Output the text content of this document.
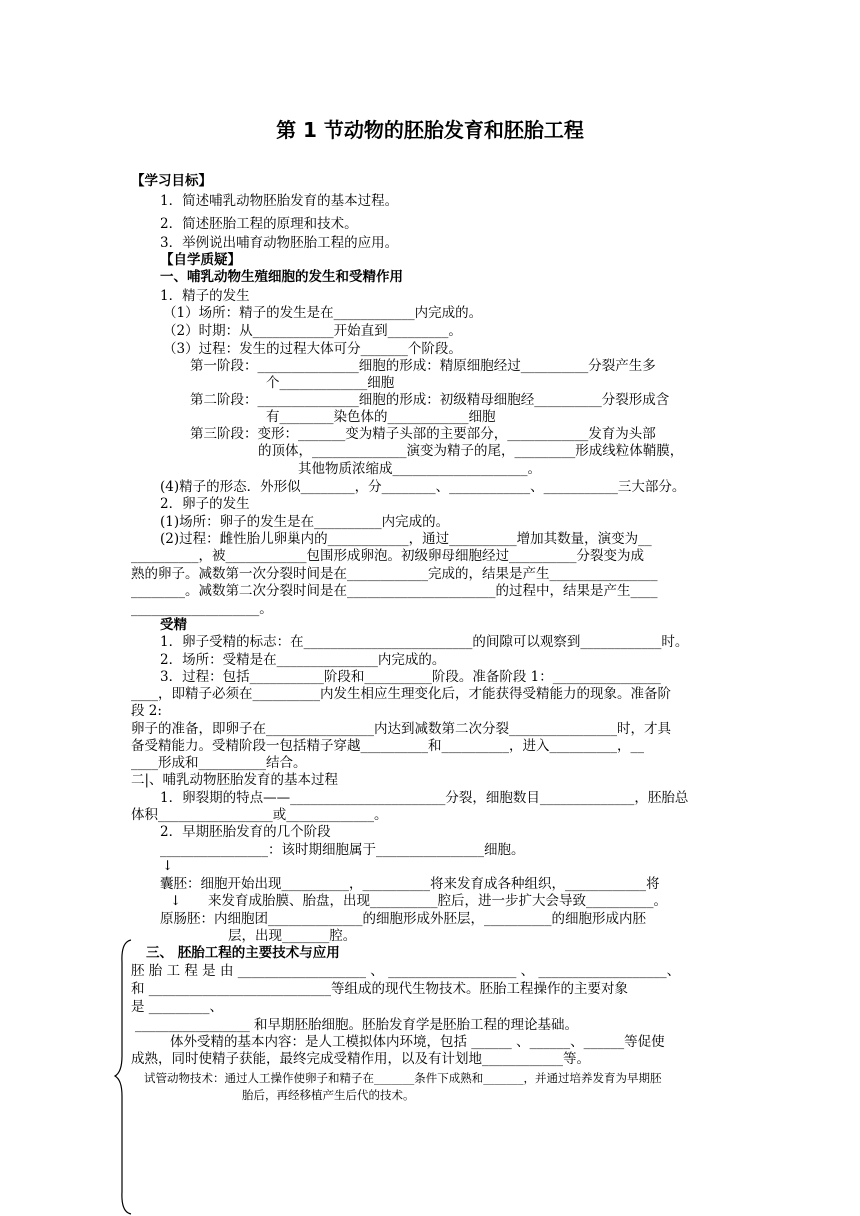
第 1 节动物的胚胎发育和胚胎工程
【学习目标】
1．简述哺乳动物胚胎发育的基本过程。
2．简述胚胎工程的原理和技术。
3．举例说出哺育动物胚胎工程的应用。
【自学质疑】
一、哺乳动物生殖细胞的发生和受精作用
1．精子的发生
（1）场所：精子的发生是在____________内完成的。
（2）时期：从____________开始直到_________。
（3）过程：发生的过程大体可分_______个阶段。
第一阶段：_______________细胞的形成：精原细胞经过__________分裂产生多
个_____________细胞
第二阶段：_______________细胞的形成：初级精母细胞经__________分裂形成含
有________染色体的____________细胞
第三阶段：变形：_______变为精子头部的主要部分，____________发育为头部
的顶体，______________演变为精子的尾，_________形成线粒体鞘膜，
其他物质浓缩成____________________。
(4)精子的形态．外形似________，分________、____________、___________三大部分。
2．卵子的发生
(1)场所：卵子的发生是在__________内完成的。
(2)过程：雌性胎儿卵巢内的____________，通过__________增加其数量，演变为__
__________，被____________包围形成卵泡。初级卵母细胞经过__________分裂变为成
熟的卵子。减数第一次分裂时间是在____________完成的，结果是产生________________
________。减数第二次分裂时间是在______________________的过程中，结果是产生____
___________________。
受精
1．卵子受精的标志：在_________________________的间隙可以观察到____________时。
2．场所：受精是在_______________内完成的。
3．过程：包括___________阶段和__________阶段。准备阶段 1：________________
____，即精子必须在__________内发生相应生理变化后，才能获得受精能力的现象。准备阶
段 2:
卵子的准备，即卵子在________________内达到减数第二次分裂________________时，才具
备受精能力。受精阶段一包括精子穿越__________和__________，进入__________，__
____形成和__________结合。
二|、哺乳动物胚胎发育的基本过程
1．卵裂期的特点——_______________________分裂，细胞数目______________，胚胎总
体积_________________或_____________。
2．早期胚胎发育的几个阶段
________________：该时期细胞属于________________细胞。
↓
囊胚：细胞开始出现__________，__________将来发育成各种组织，____________将
↓ 来发育成胎膜、胎盘，出现__________腔后，进一步扩大会导致__________。
原肠胚：内细胞团______________的细胞形成外胚层，__________的细胞形成内胚
层，出现_______腔。
三、 胚胎工程的主要技术与应用
胚 胎 工 程 是 由 ___________________ 、 ___________________ 、 ___________________、
和 ___________________________等组成的现代生物技术。胚胎工程操作的主要对象
是 _________、
_________________ 和早期胚胎细胞。胚胎发育学是胚胎工程的理论基础。
体外受精的基本内容：是人工模拟体内环境，包括 ______ 、______、______等促使
成熟，同时使精子获能，最终完成受精作用，以及有计划地____________等。
试管动物技术：通过人工操作使卵子和精子在_______条件下成熟和_______，并通过培养发育为早期胚
胎后，再经移植产生后代的技术。
